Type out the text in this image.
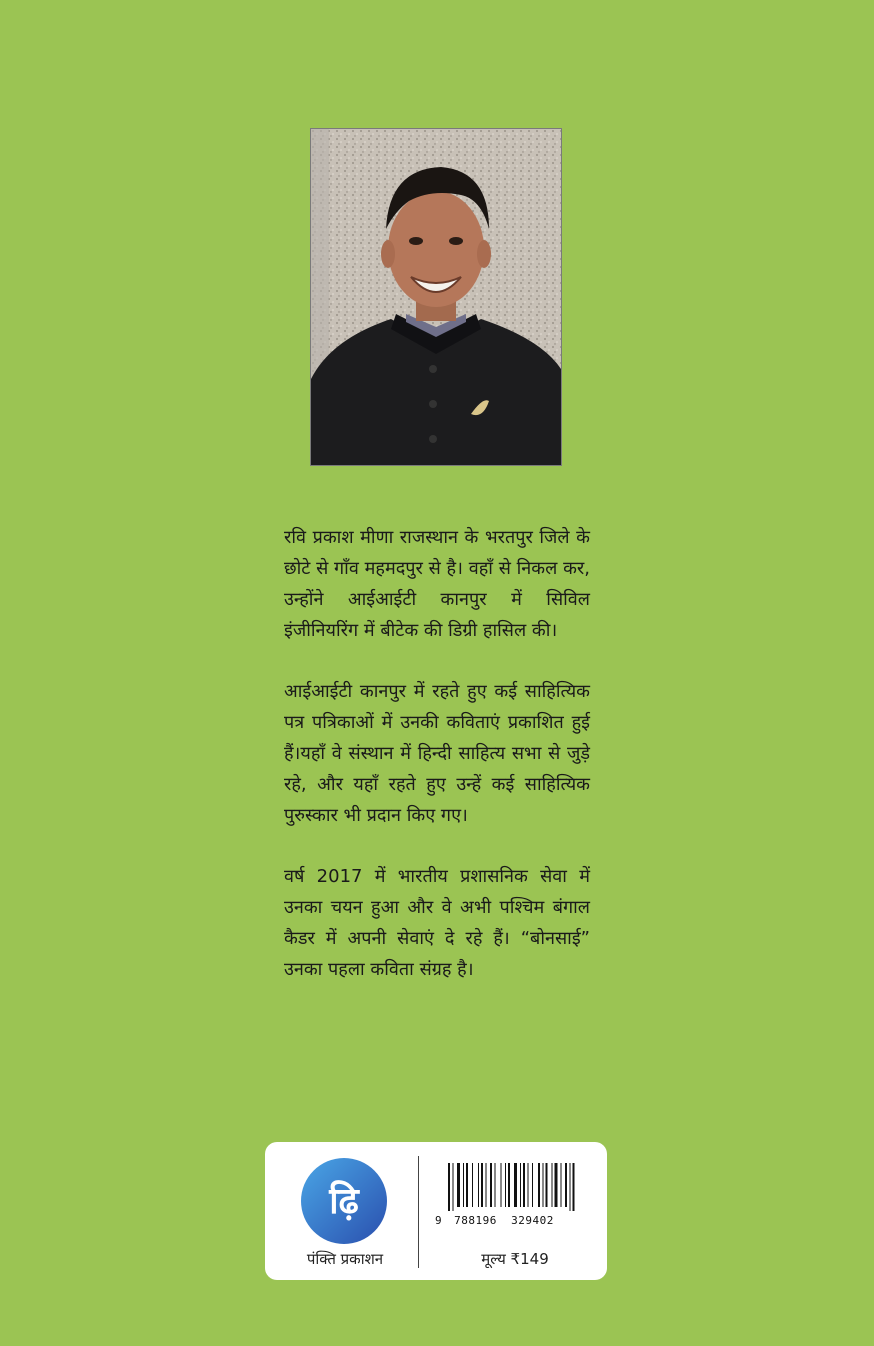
रवि प्रकाश मीणा राजस्थान के भरतपुर जिले के छोटे से गाँव महमदपुर से है। वहाँ से निकल कर, उन्होंने आईआईटी कानपुर में सिविल इंजीनियरिंग में बीटेक की डिग्री हासिल की।

आईआईटी कानपुर में रहते हुए कई साहित्यिक पत्र पत्रिकाओं में उनकी कविताएं प्रकाशित हुई हैं।यहाँ वे संस्थान में हिन्दी साहित्य सभा से जुड़े रहे, और यहाँ रहते हुए उन्हें कई साहित्यिक पुरुस्कार भी प्रदान किए गए।

वर्ष 2017 में भारतीय प्रशासनिक सेवा में उनका चयन हुआ और वे अभी पश्चिम बंगाल कैडर में अपनी सेवाएं दे रहे हैं। “बोनसाई” उनका पहला कविता संग्रह है।

ढ़ि
पंक्ति प्रकाशन
9 788196 329402
मूल्य ₹149
